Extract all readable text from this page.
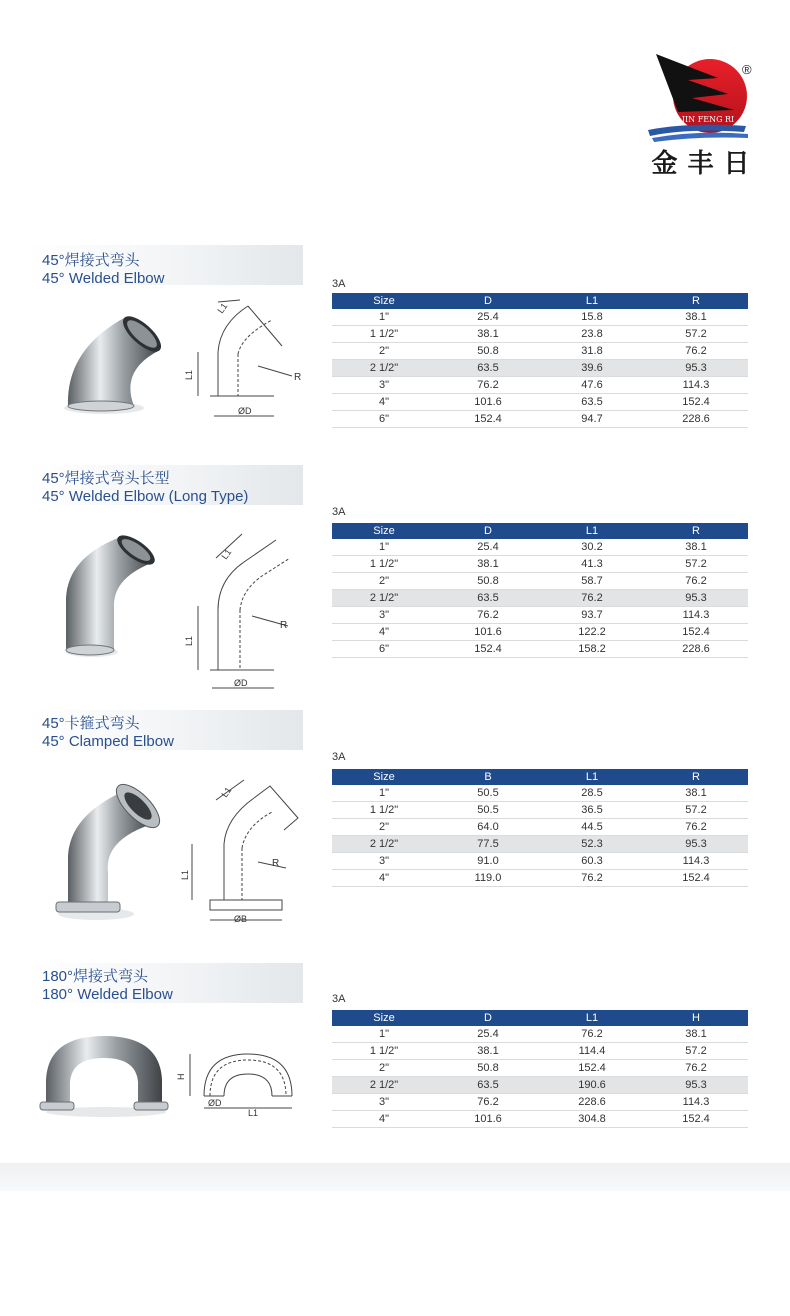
JIN FENG RI
®
金丰日
45°焊接式弯头
45° Welded Elbow
L1
L1
R
ØD
3A
Size	D	L1	R
1"	25.4	15.8	38.1
1 1/2"	38.1	23.8	57.2
2"	50.8	31.8	76.2
2 1/2"	63.5	39.6	95.3
3"	76.2	47.6	114.3
4"	101.6	63.5	152.4
6"	152.4	94.7	228.6
45°焊接式弯头长型
45° Welded Elbow (Long Type)
L1
L1
R
ØD
3A
Size	D	L1	R
1"	25.4	30.2	38.1
1 1/2"	38.1	41.3	57.2
2"	50.8	58.7	76.2
2 1/2"	63.5	76.2	95.3
3"	76.2	93.7	114.3
4"	101.6	122.2	152.4
6"	152.4	158.2	228.6
45°卡箍式弯头
45° Clamped Elbow
L1
L1
R
ØB
3A
Size	B	L1	R
1"	50.5	28.5	38.1
1 1/2"	50.5	36.5	57.2
2"	64.0	44.5	76.2
2 1/2"	77.5	52.3	95.3
3"	91.0	60.3	114.3
4"	119.0	76.2	152.4
180°焊接式弯头
180° Welded Elbow
H
L1
ØD
3A
Size	D	L1	H
1"	25.4	76.2	38.1
1 1/2"	38.1	114.4	57.2
2"	50.8	152.4	76.2
2 1/2"	63.5	190.6	95.3
3"	76.2	228.6	114.3
4"	101.6	304.8	152.4
